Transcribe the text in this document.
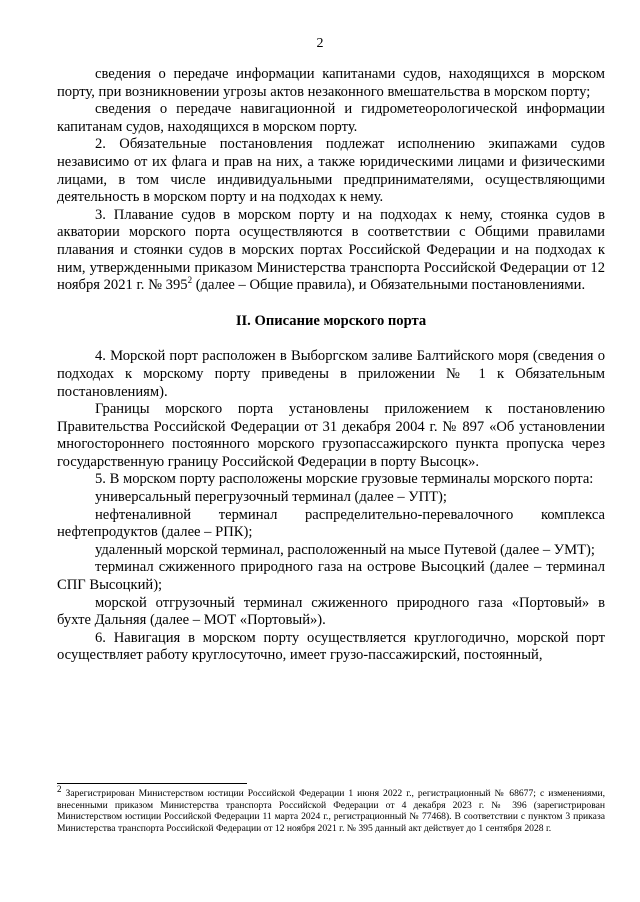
2

сведения о передаче информации капитанами судов, находящихся в морском порту, при возникновении угрозы актов незаконного вмешательства в морском порту;

сведения о передаче навигационной и гидрометеорологической информации капитанам судов, находящихся в морском порту.

2. Обязательные постановления подлежат исполнению экипажами судов независимо от их флага и прав на них, а также юридическими лицами и физическими лицами, в том числе индивидуальными предпринимателями, осуществляющими деятельность в морском порту и на подходах к нему.

3. Плавание судов в морском порту и на подходах к нему, стоянка судов в акватории морского порта осуществляются в соответствии с Общими правилами плавания и стоянки судов в морских портах Российской Федерации и на подходах к ним, утвержденными приказом Министерства транспорта Российской Федерации от 12 ноября 2021 г. № $395^2$ (далее – Общие правила), и Обязательными постановлениями.

II. Описание морского порта

4. Морской порт расположен в Выборгском заливе Балтийского моря (сведения о подходах к морскому порту приведены в приложении № 1 к Обязательным постановлениям).

Границы морского порта установлены приложением к постановлению Правительства Российской Федерации от 31 декабря 2004 г. № 897 «Об установлении многостороннего постоянного морского грузопассажирского пункта пропуска через государственную границу Российской Федерации в порту Высоцк».

5. В морском порту расположены морские грузовые терминалы морского порта:

универсальный перегрузочный терминал (далее – УПТ);

нефтеналивной терминал распределительно-перевалочного комплекса нефтепродуктов (далее – РПК);

удаленный морской терминал, расположенный на мысе Путевой (далее – УМТ);

терминал сжиженного природного газа на острове Высоцкий (далее – терминал СПГ Высоцкий);

морской отгрузочный терминал сжиженного природного газа «Портовый» в бухте Дальняя (далее – МОТ «Портовый»).

6. Навигация в морском порту осуществляется круглогодично, морской порт осуществляет работу круглосуточно, имеет грузо-пассажирский, постоянный,

$^2$ Зарегистрирован Министерством юстиции Российской Федерации 1 июня 2022 г., регистрационный № 68677; с изменениями, внесенными приказом Министерства транспорта Российской Федерации от 4 декабря 2023 г. № 396 (зарегистрирован Министерством юстиции Российской Федерации 11 марта 2024 г., регистрационный № 77468). В соответствии с пунктом 3 приказа Министерства транспорта Российской Федерации от 12 ноября 2021 г. № 395 данный акт действует до 1 сентября 2028 г.
